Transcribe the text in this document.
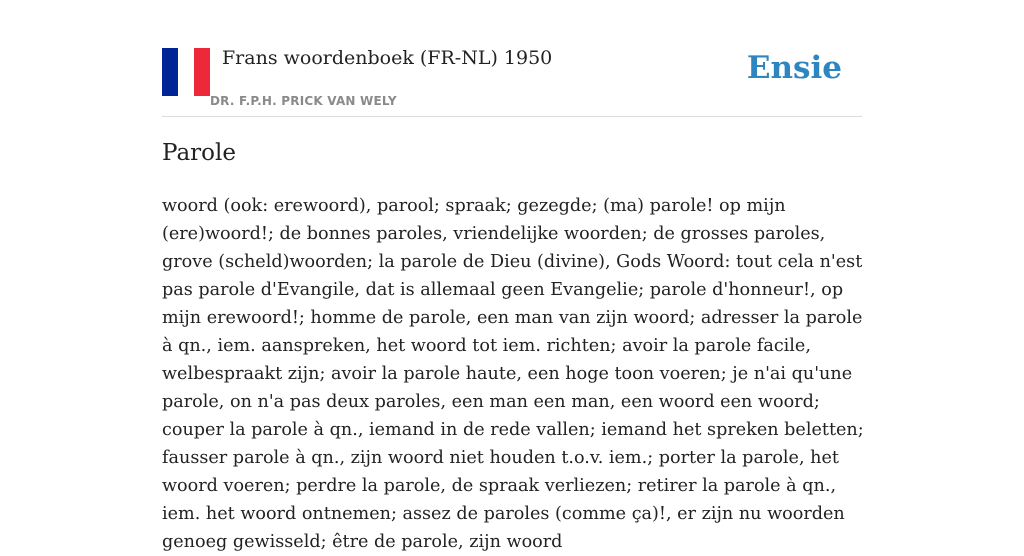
Frans woordenboek (FR-NL) 1950
DR. F.P.H. PRICK VAN WELY
Ensie
Parole

woord (ook: erewoord), parool; spraak; gezegde; (ma) parole! op mijn (ere)woord!; de bonnes paroles, vriendelijke woorden; de grosses paroles, grove (scheld)woorden; la parole de Dieu (divine), Gods Woord: tout cela n'est pas parole d'Evangile, dat is allemaal geen Evangelie; parole d'honneur!, op mijn erewoord!; homme de parole, een man van zijn woord; adresser la parole à qn., iem. aanspreken, het woord tot iem. richten; avoir la parole facile, welbespraakt zijn; avoir la parole haute, een hoge toon voeren; je n'ai qu'une parole, on n'a pas deux paroles, een man een man, een woord een woord; couper la parole à qn., iemand in de rede vallen; iemand het spreken beletten; fausser parole à qn., zijn woord niet houden t.o.v. iem.; porter la parole, het woord voeren; perdre la parole, de spraak verliezen; retirer la parole à qn., iem. het woord ontnemen; assez de paroles (comme ça)!, er zijn nu woorden genoeg gewisseld; être de parole, zijn woord
